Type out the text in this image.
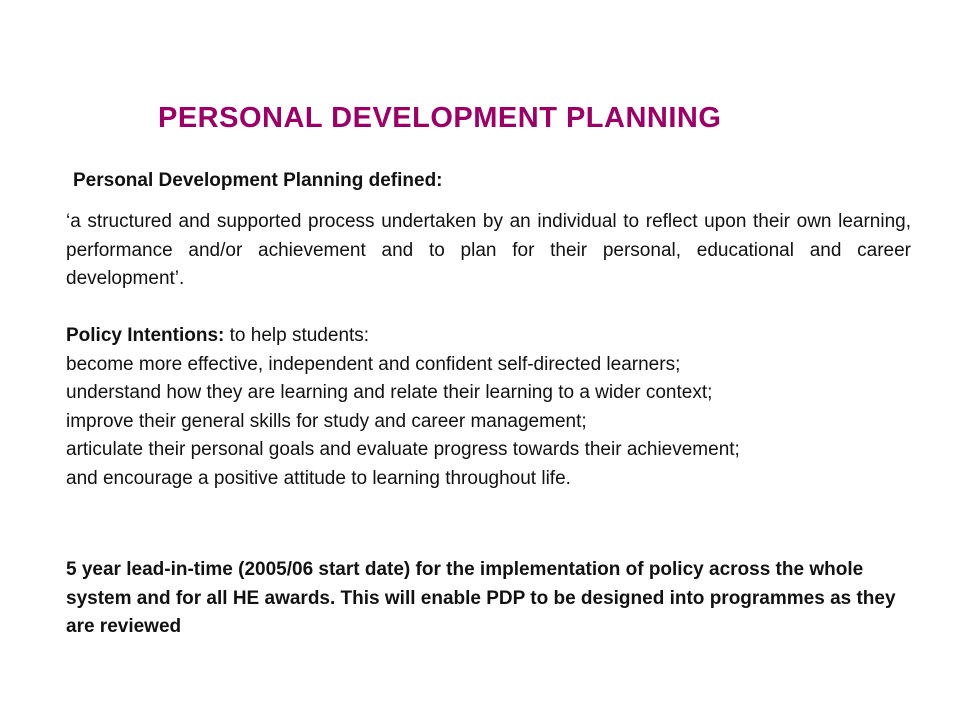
PERSONAL DEVELOPMENT PLANNING
Personal Development Planning defined:
‘a structured and supported process undertaken by an individual to reflect upon their own learning, performance and/or achievement and to plan for their personal, educational and career development’.
Policy Intentions: to help students:
become more effective, independent and confident self-directed learners;
understand how they are learning and relate their learning to a wider context;
improve their general skills for study and career management;
articulate their personal goals and evaluate progress towards their achievement;
and encourage a positive attitude to learning throughout life.
5 year lead-in-time (2005/06 start date) for the implementation of policy across the whole system and for all HE awards. This will enable PDP to be designed into programmes as they are reviewed
